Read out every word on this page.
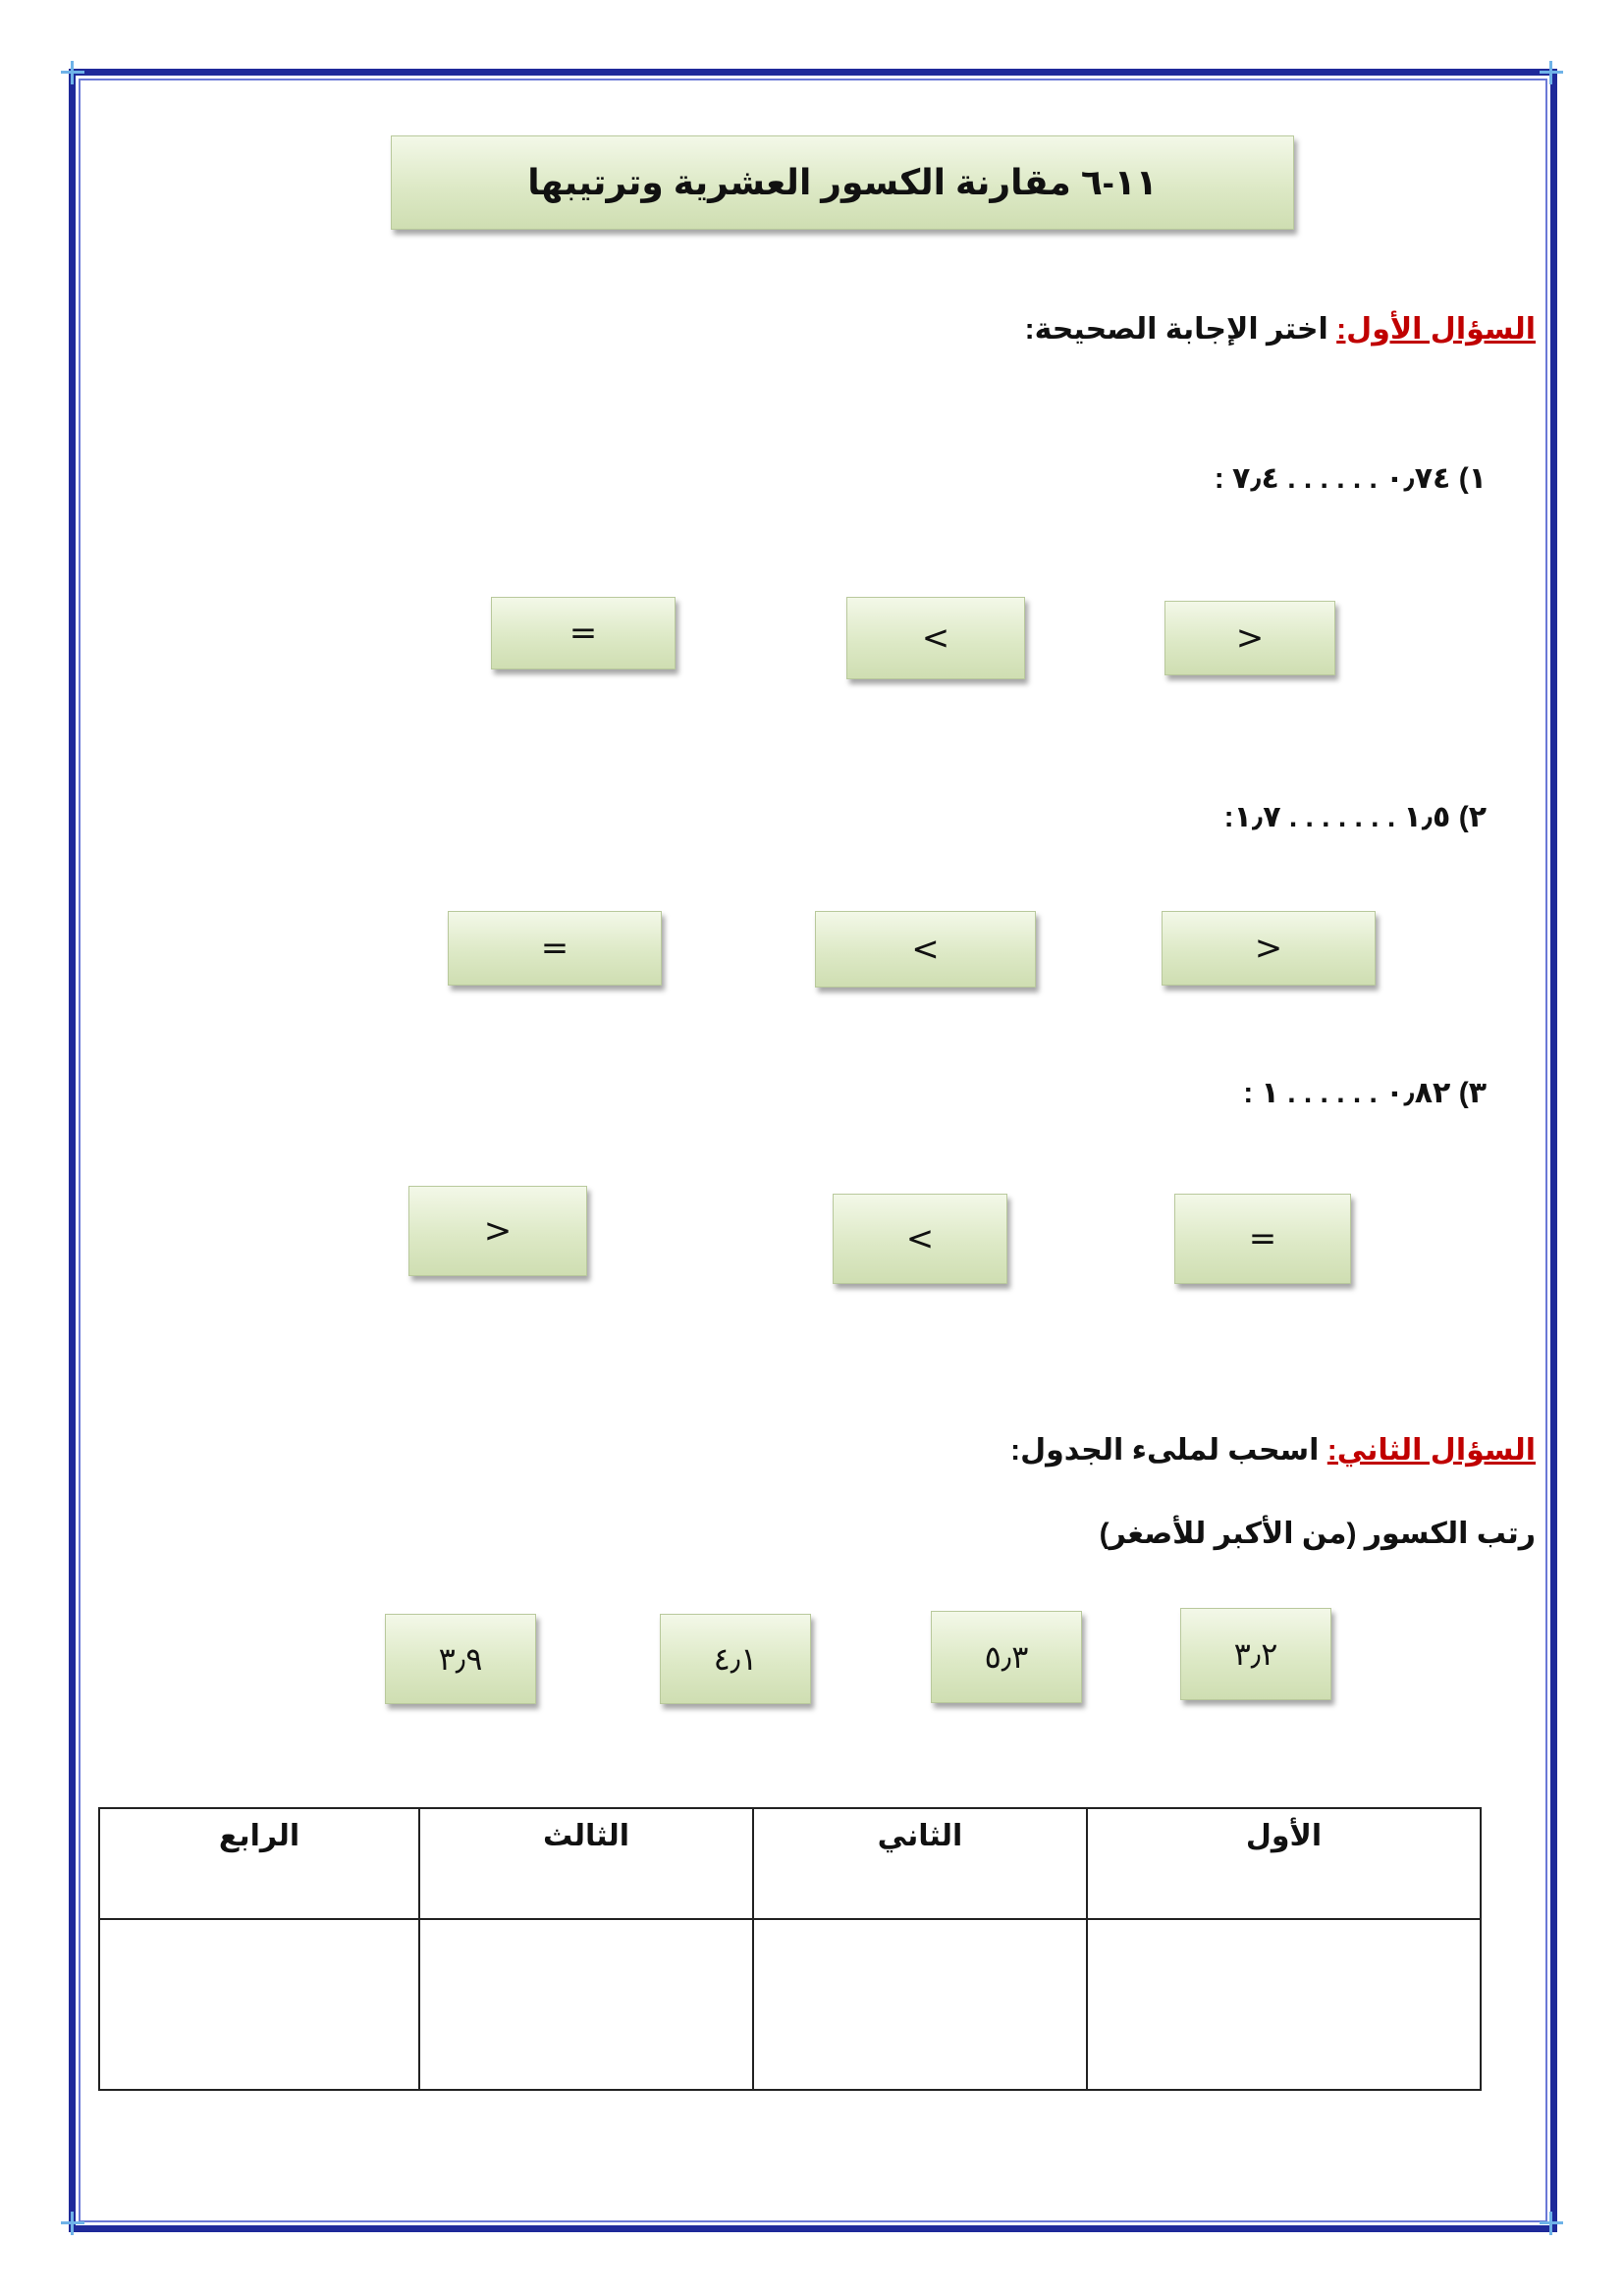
١١-٦ مقارنة الكسور العشرية وترتيبها
السؤال الأول: اختر الإجابة الصحيحة:
١) ٠٫٧٤ . . . . . . ٧٫٤ :
>
<
=
٢) ١٫٥ . . . . . . . ١٫٧:
>
<
=
٣) ٠٫٨٢ . . . . . . ١ :
=
<
>
السؤال الثاني: اسحب لملىء الجدول:
رتب الكسور (من الأكبر للأصغر)
٣٫٢
٥٫٣
٤٫١
٣٫٩
الأول	الثاني	الثالث	الرابع
